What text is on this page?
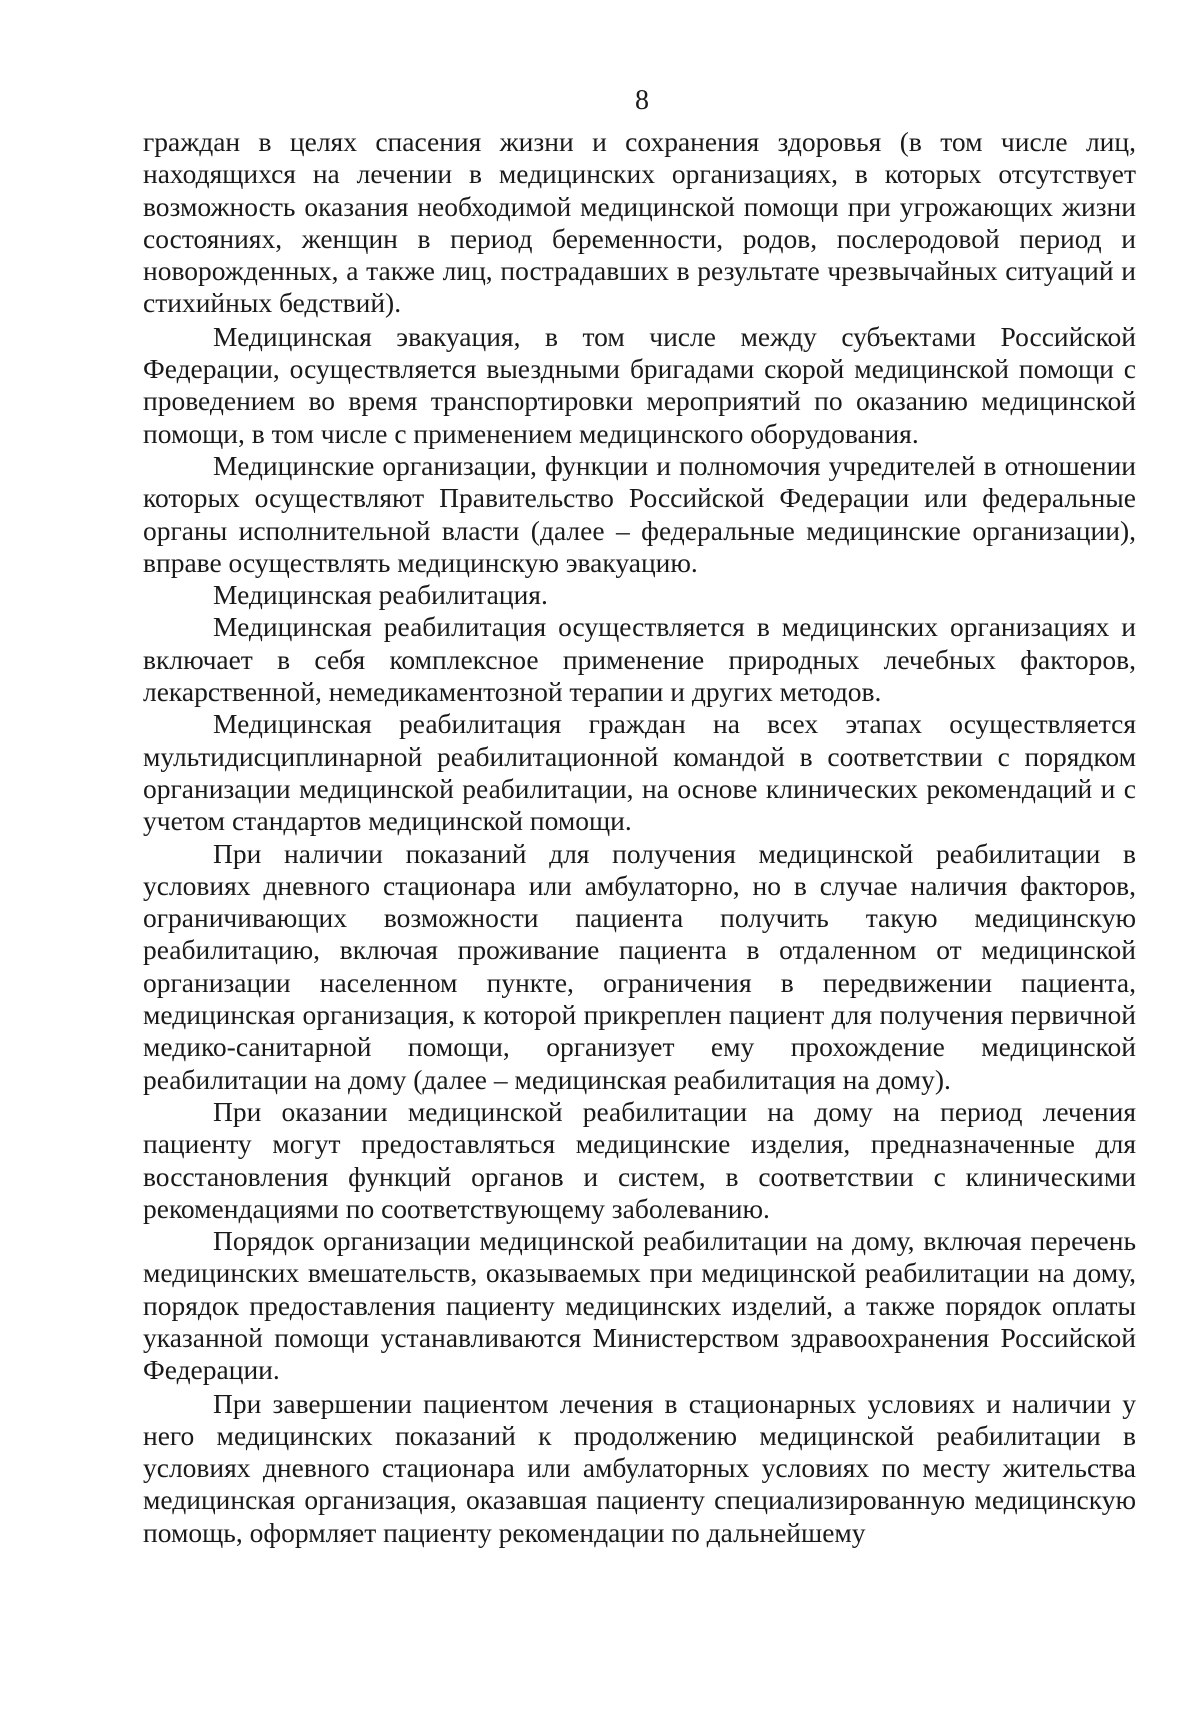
8

граждан в целях спасения жизни и сохранения здоровья (в том числе лиц, находящихся на лечении в медицинских организациях, в которых отсутствует возможность оказания необходимой медицинской помощи при угрожающих жизни состояниях, женщин в период беременности, родов, послеродовой период и новорожденных, а также лиц, пострадавших в результате чрезвычайных ситуаций и стихийных бедствий).

Медицинская эвакуация, в том числе между субъектами Российской Федерации, осуществляется выездными бригадами скорой медицинской помощи с проведением во время транспортировки мероприятий по оказанию медицинской помощи, в том числе с применением медицинского оборудования.

Медицинские организации, функции и полномочия учредителей в отношении которых осуществляют Правительство Российской Федерации или федеральные органы исполнительной власти (далее – федеральные медицинские организации), вправе осуществлять медицинскую эвакуацию.

Медицинская реабилитация.

Медицинская реабилитация осуществляется в медицинских организациях и включает в себя комплексное применение природных лечебных факторов, лекарственной, немедикаментозной терапии и других методов.

Медицинская реабилитация граждан на всех этапах осуществляется мультидисциплинарной реабилитационной командой в соответствии с порядком организации медицинской реабилитации, на основе клинических рекомендаций и с учетом стандартов медицинской помощи.

При наличии показаний для получения медицинской реабилитации в условиях дневного стационара или амбулаторно, но в случае наличия факторов, ограничивающих возможности пациента получить такую медицинскую реабилитацию, включая проживание пациента в отдаленном от медицинской организации населенном пункте, ограничения в передвижении пациента, медицинская организация, к которой прикреплен пациент для получения первичной медико-санитарной помощи, организует ему прохождение медицинской реабилитации на дому (далее – медицинская реабилитация на дому).

При оказании медицинской реабилитации на дому на период лечения пациенту могут предоставляться медицинские изделия, предназначенные для восстановления функций органов и систем, в соответствии с клиническими рекомендациями по соответствующему заболеванию.

Порядок организации медицинской реабилитации на дому, включая перечень медицинских вмешательств, оказываемых при медицинской реабилитации на дому, порядок предоставления пациенту медицинских изделий, а также порядок оплаты указанной помощи устанавливаются Министерством здравоохранения Российской Федерации.

При завершении пациентом лечения в стационарных условиях и наличии у него медицинских показаний к продолжению медицинской реабилитации в условиях дневного стационара или амбулаторных условиях по месту жительства медицинская организация, оказавшая пациенту специализированную медицинскую помощь, оформляет пациенту рекомендации по дальнейшему
